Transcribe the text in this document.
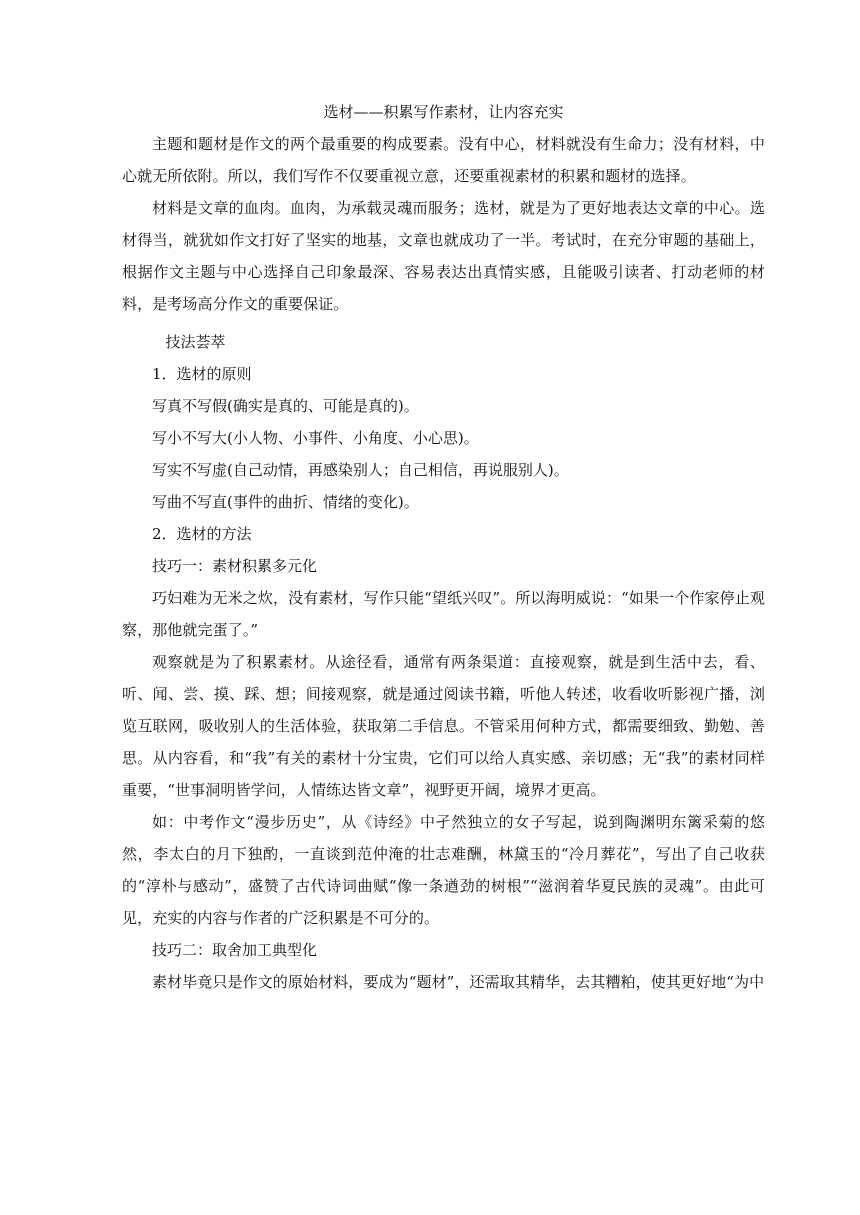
选材——积累写作素材，让内容充实

主题和题材是作文的两个最重要的构成要素。没有中心，材料就没有生命力；没有材料，中心就无所依附。所以，我们写作不仅要重视立意，还要重视素材的积累和题材的选择。

材料是文章的血肉。血肉，为承载灵魂而服务；选材，就是为了更好地表达文章的中心。选材得当，就犹如作文打好了坚实的地基，文章也就成功了一半。考试时，在充分审题的基础上，根据作文主题与中心选择自己印象最深、容易表达出真情实感，且能吸引读者、打动老师的材料，是考场高分作文的重要保证。

技法荟萃

1．选材的原则

写真不写假(确实是真的、可能是真的)。

写小不写大(小人物、小事件、小角度、小心思)。

写实不写虚(自己动情，再感染别人；自己相信，再说服别人)。

写曲不写直(事件的曲折、情绪的变化)。

2．选材的方法

技巧一：素材积累多元化

巧妇难为无米之炊，没有素材，写作只能“望纸兴叹”。所以海明威说：“如果一个作家停止观察，那他就完蛋了。”

观察就是为了积累素材。从途径看，通常有两条渠道：直接观察，就是到生活中去，看、听、闻、尝、摸、踩、想；间接观察，就是通过阅读书籍，听他人转述，收看收听影视广播，浏览互联网，吸收别人的生活体验，获取第二手信息。不管采用何种方式，都需要细致、勤勉、善思。从内容看，和“我”有关的素材十分宝贵，它们可以给人真实感、亲切感；无“我”的素材同样重要，“世事洞明皆学问，人情练达皆文章”，视野更开阔，境界才更高。

如：中考作文“漫步历史”，从《诗经》中孑然独立的女子写起，说到陶渊明东篱采菊的悠然，李太白的月下独酌，一直谈到范仲淹的壮志难酬，林黛玉的“冷月葬花”，写出了自己收获的“淳朴与感动”，盛赞了古代诗词曲赋“像一条遒劲的树根”“滋润着华夏民族的灵魂”。由此可见，充实的内容与作者的广泛积累是不可分的。

技巧二：取舍加工典型化

素材毕竟只是作文的原始材料，要成为“题材”，还需取其精华，去其糟粕，使其更好地“为中
